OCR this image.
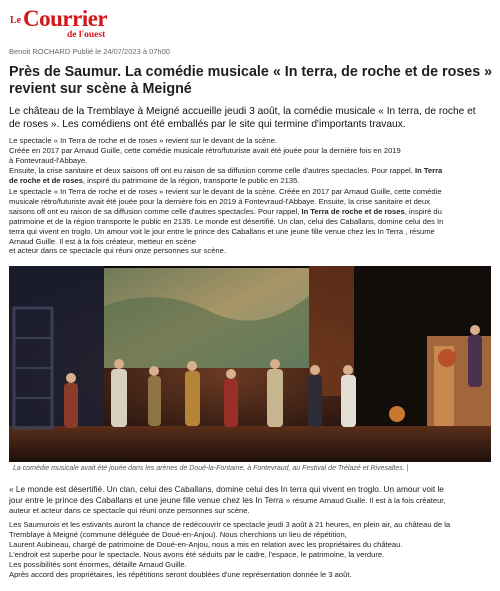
Le Courrier
de l'ouest
Benoit ROCHARD Publié le 24/07/2023 à 07h00
Près de Saumur. La comédie musicale « In terra, de roche et de roses »
revient sur scène à Meigné

Le château de la Tremblaye à Meigné accueille jeudi 3 août, la comédie musicale « In terra, de roche et
de roses ». Les comédiens ont été emballés par le site qui termine d'importants travaux.

Le spectacle « In Terra de roche et de roses » revient sur le devant de la scène.
Créée en 2017 par Arnaud Guille, cette comédie musicale rétro/futuriste avait été jouée pour la dernière fois en 2019
à Fontevraud-l'Abbaye.
Ensuite, la crise sanitaire et deux saisons off ont eu raison de sa diffusion comme celle d'autres spectacles. Pour rappel, In Terra
de roche et de roses, inspiré du patrimoine de la région, transporte le public en 2135.

Le spectacle « In Terra de roche et de roses » revient sur le devant de la scène. Créée en 2017 par Arnaud Guille, cette comédie
musicale rétro/futuriste avait été jouée pour la dernière fois en 2019 à Fontevraud-l'Abbaye. Ensuite, la crise sanitaire et deux
saisons off ont eu raison de sa diffusion comme celle d'autres spectacles. Pour rappel, In Terra de roche et de roses, inspiré du
patrimoine et de la région transporte le public en 2135. Le monde est désertifié. Un clan, celui des Caballans, domine celui des In
terra qui vivent en troglo. Un amour voit le jour entre le prince des Caballans et une jeune fille venue chez les In Terra , résume
Arnaud Guille. Il est à la fois créateur, metteur en scène
et acteur dans ce spectacle qui réuni onze personnes sur scène.

La comédie musicale avait été jouée dans les arènes de Doué-la-Fontaine, à Fontevraud, au Festival de Trélazé et Rivesaltes. |

« Le monde est désertifié. Un clan, celui des Caballans, domine celui des In terra qui vivent en troglo. Un amour voit le
jour entre le prince des Caballans et une jeune fille venue chez les In Terra » résume Arnaud Guille. Il est à la fois créateur,
auteur et acteur dans ce spectacle qui réuni onze personnes sur scène.

Les Saumurois et les estivants auront la chance de redécouvrir ce spectacle jeudi 3 août à 21 heures, en plein air, au château de la
Tremblaye à Meigné (commune déléguée de Doué-en-Anjou). Nous cherchions un lieu de répétition,
Laurent Aubineau, chargé de patrimoine de Doué-en-Anjou, nous a mis en relation avec les propriétaires du château.
L'endroit est superbe pour le spectacle. Nous avons été séduits par le cadre, l'espace, le patrimoine, la verdure.
Les possibilités sont énormes, détaille Arnaud Guille.
Après accord des propriétaires, les répétitions seront doublées d'une représentation donnée le 3 août.
